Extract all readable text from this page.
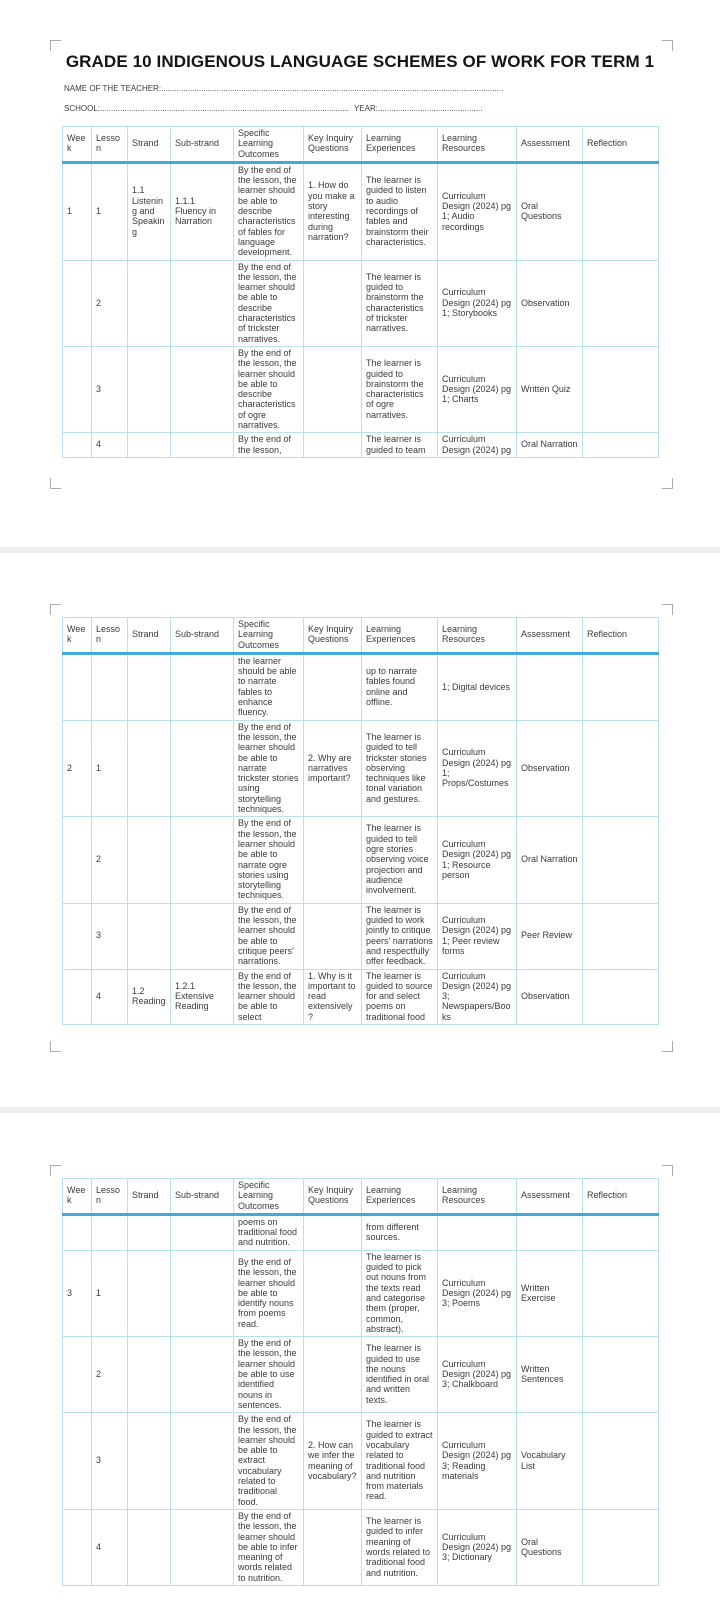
GRADE 10 INDIGENOUS LANGUAGE SCHEMES OF WORK FOR TERM 1
NAME OF THE TEACHER:..........................................................................................................................................................
SCHOOL:................................................................................................................ YEAR:...............................................
Week	Lesson	Strand	Sub-strand	Specific Learning Outcomes	Key Inquiry Questions	Learning Experiences	Learning Resources	Assessment	Reflection
1	1	1.1 Listening and Speaking	1.1.1 Fluency in Narration	By the end of the lesson, the learner should be able to describe characteristics of fables for language development.	1. How do you make a story interesting during narration?	The learner is guided to listen to audio recordings of fables and brainstorm their characteristics.	Curriculum Design (2024) pg 1; Audio recordings	Oral Questions	
	2			By the end of the lesson, the learner should be able to describe characteristics of trickster narratives.		The learner is guided to brainstorm the characteristics of trickster narratives.	Curriculum Design (2024) pg 1; Storybooks	Observation	
	3			By the end of the lesson, the learner should be able to describe characteristics of ogre narratives.		The learner is guided to brainstorm the characteristics of ogre narratives.	Curriculum Design (2024) pg 1; Charts	Written Quiz	
	4			By the end of the lesson,		The learner is guided to team	Curriculum Design (2024) pg	Oral Narration	
Week	Lesson	Strand	Sub-strand	Specific Learning Outcomes	Key Inquiry Questions	Learning Experiences	Learning Resources	Assessment	Reflection
				the learner should be able to narrate fables to enhance fluency.		up to narrate fables found online and offline.	1; Digital devices		
2	1			By the end of the lesson, the learner should be able to narrate trickster stories using storytelling techniques.	2. Why are narratives important?	The learner is guided to tell trickster stories observing techniques like tonal variation and gestures.	Curriculum Design (2024) pg 1; Props/Costumes	Observation	
	2			By the end of the lesson, the learner should be able to narrate ogre stories using storytelling techniques.		The learner is guided to tell ogre stories observing voice projection and audience involvement.	Curriculum Design (2024) pg 1; Resource person	Oral Narration	
	3			By the end of the lesson, the learner should be able to critique peers' narrations.		The learner is guided to work jointly to critique peers' narrations and respectfully offer feedback.	Curriculum Design (2024) pg 1; Peer review forms	Peer Review	
	4	1.2 Reading	1.2.1 Extensive Reading	By the end of the lesson, the learner should be able to select	1. Why is it important to read extensively?	The learner is guided to source for and select poems on traditional food	Curriculum Design (2024) pg 3; Newspapers/Books	Observation	
Week	Lesson	Strand	Sub-strand	Specific Learning Outcomes	Key Inquiry Questions	Learning Experiences	Learning Resources	Assessment	Reflection
				poems on traditional food and nutrition.		from different sources.			
3	1			By the end of the lesson, the learner should be able to identify nouns from poems read.		The learner is guided to pick out nouns from the texts read and categorise them (proper, common, abstract).	Curriculum Design (2024) pg 3; Poems	Written Exercise	
	2			By the end of the lesson, the learner should be able to use identified nouns in sentences.		The learner is guided to use the nouns identified in oral and written texts.	Curriculum Design (2024) pg 3; Chalkboard	Written Sentences	
	3			By the end of the lesson, the learner should be able to extract vocabulary related to traditional food.	2. How can we infer the meaning of vocabulary?	The learner is guided to extract vocabulary related to traditional food and nutrition from materials read.	Curriculum Design (2024) pg 3; Reading materials	Vocabulary List	
	4			By the end of the lesson, the learner should be able to infer meaning of words related to nutrition.		The learner is guided to infer meaning of words related to traditional food and nutrition.	Curriculum Design (2024) pg 3; Dictionary	Oral Questions	
